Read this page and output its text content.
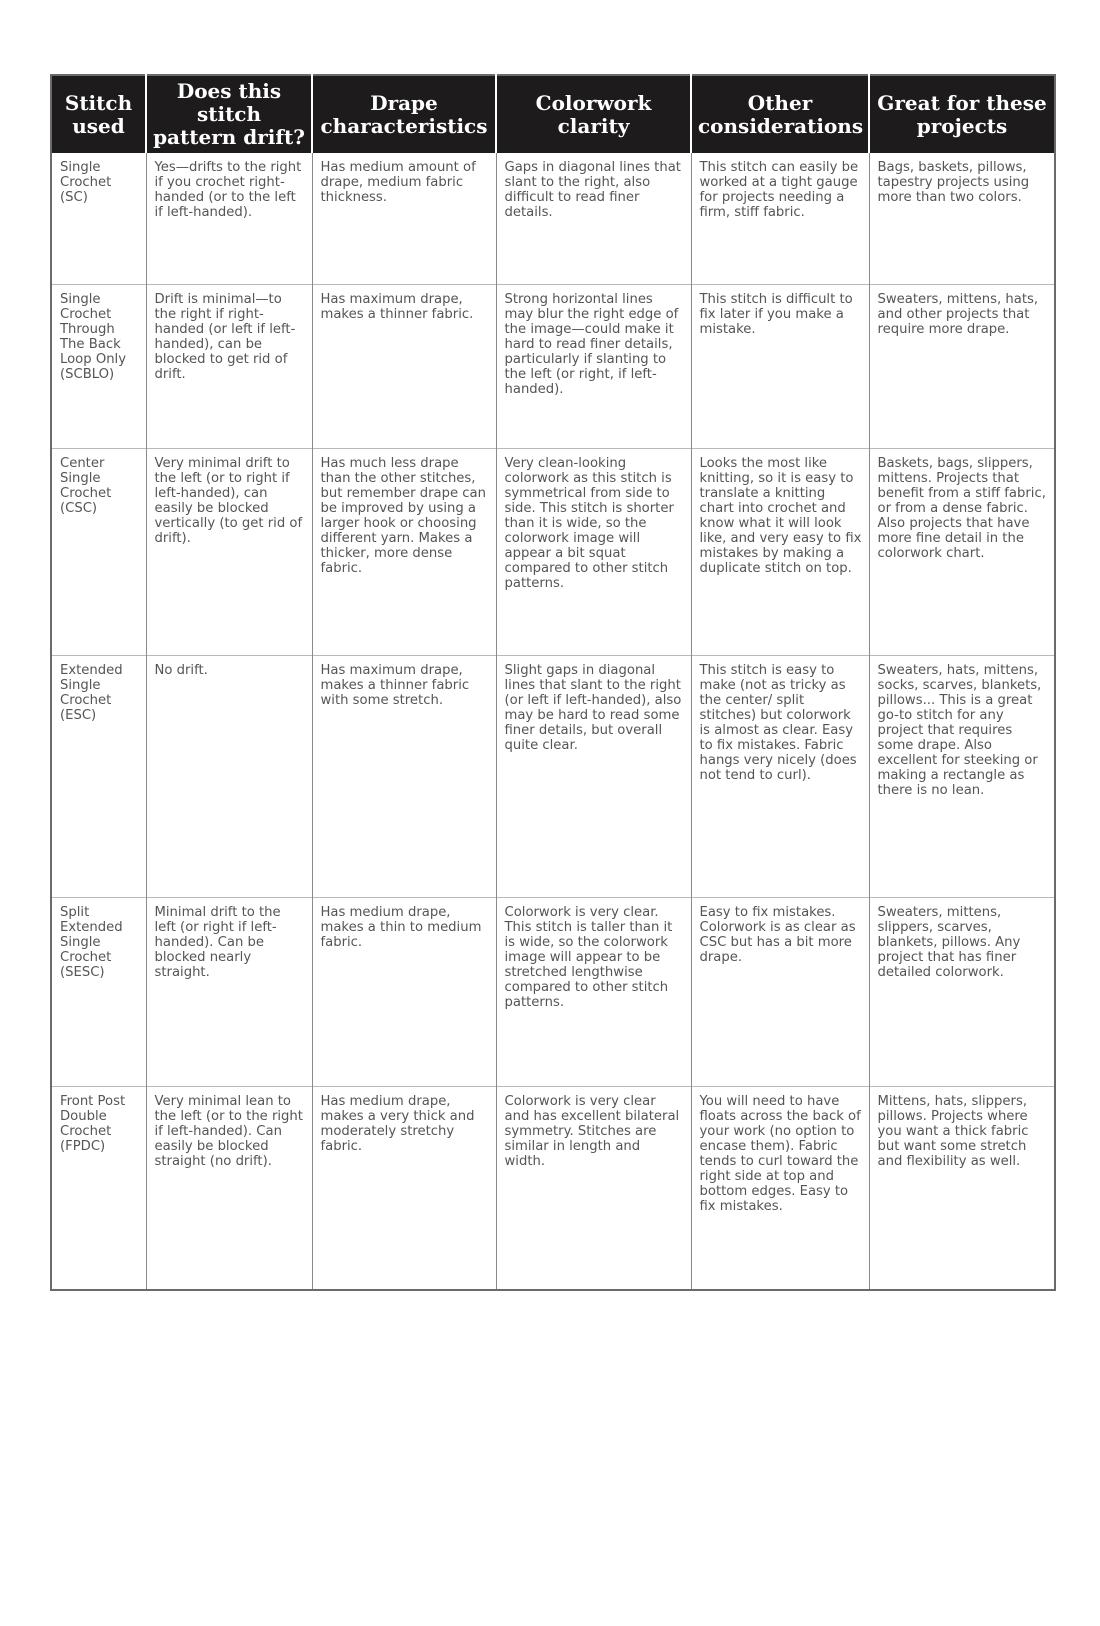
Stitch used	Does this stitch pattern drift?	Drape characteristics	Colorwork clarity	Other considerations	Great for these projects
Single Crochet (SC)	Yes—drifts to the right if you crochet right-handed (or to the left if left-handed).	Has medium amount of drape, medium fabric thickness.	Gaps in diagonal lines that slant to the right, also difficult to read finer details.	This stitch can easily be worked at a tight gauge for projects needing a firm, stiff fabric.	Bags, baskets, pillows, tapestry projects using more than two colors.
Single Crochet Through The Back Loop Only (SCBLO)	Drift is minimal—to the right if right-handed (or left if left-handed), can be blocked to get rid of drift.	Has maximum drape, makes a thinner fabric.	Strong horizontal lines may blur the right edge of the image—could make it hard to read finer details, particularly if slanting to the left (or right, if left-handed).	This stitch is difficult to fix later if you make a mistake.	Sweaters, mittens, hats, and other projects that require more drape.
Center Single Crochet (CSC)	Very minimal drift to the left (or to right if left-handed), can easily be blocked vertically (to get rid of drift).	Has much less drape than the other stitches, but remember drape can be improved by using a larger hook or choosing different yarn. Makes a thicker, more dense fabric.	Very clean-looking colorwork as this stitch is symmetrical from side to side. This stitch is shorter than it is wide, so the colorwork image will appear a bit squat compared to other stitch patterns.	Looks the most like knitting, so it is easy to translate a knitting chart into crochet and know what it will look like, and very easy to fix mistakes by making a duplicate stitch on top.	Baskets, bags, slippers, mittens. Projects that benefit from a stiff fabric, or from a dense fabric. Also projects that have more fine detail in the colorwork chart.
Extended Single Crochet (ESC)	No drift.	Has maximum drape, makes a thinner fabric with some stretch.	Slight gaps in diagonal lines that slant to the right (or left if left-handed), also may be hard to read some finer details, but overall quite clear.	This stitch is easy to make (not as tricky as the center/ split stitches) but colorwork is almost as clear. Easy to fix mistakes. Fabric hangs very nicely (does not tend to curl).	Sweaters, hats, mittens, socks, scarves, blankets, pillows... This is a great go-to stitch for any project that requires some drape. Also excellent for steeking or making a rectangle as there is no lean.
Split Extended Single Crochet (SESC)	Minimal drift to the left (or right if left-handed). Can be blocked nearly straight.	Has medium drape, makes a thin to medium fabric.	Colorwork is very clear. This stitch is taller than it is wide, so the colorwork image will appear to be stretched lengthwise compared to other stitch patterns.	Easy to fix mistakes. Colorwork is as clear as CSC but has a bit more drape.	Sweaters, mittens, slippers, scarves, blankets, pillows. Any project that has finer detailed colorwork.
Front Post Double Crochet (FPDC)	Very minimal lean to the left (or to the right if left-handed). Can easily be blocked straight (no drift).	Has medium drape, makes a very thick and moderately stretchy fabric.	Colorwork is very clear and has excellent bilateral symmetry. Stitches are similar in length and width.	You will need to have floats across the back of your work (no option to encase them). Fabric tends to curl toward the right side at top and bottom edges. Easy to fix mistakes.	Mittens, hats, slippers, pillows. Projects where you want a thick fabric but want some stretch and flexibility as well.
